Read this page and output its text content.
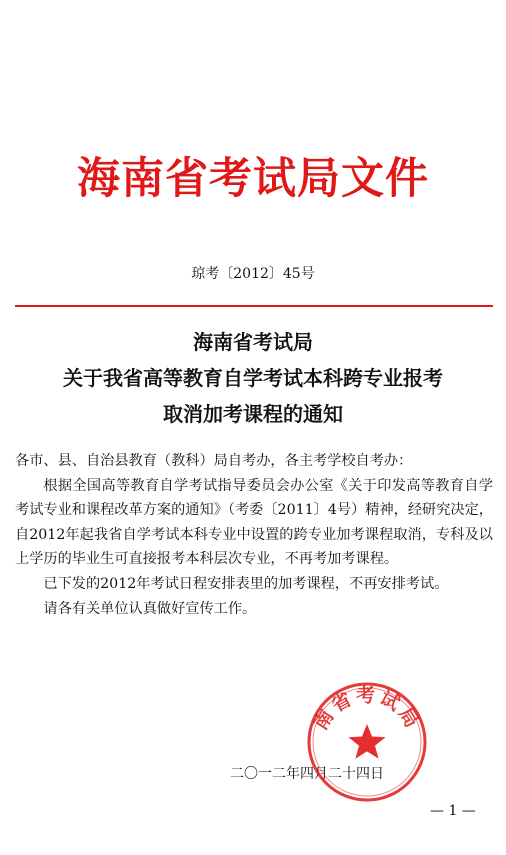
海南省考试局文件
琼考〔2012〕45号
海南省考试局
关于我省高等教育自学考试本科跨专业报考
取消加考课程的通知

各市、县、自治县教育（教科）局自考办，各主考学校自考办：

根据全国高等教育自学考试指导委员会办公室《关于印发高等教育自学考试专业和课程改革方案的通知》（考委〔2011〕4号）精神，经研究决定，自2012年起我省自学考试本科专业中设置的跨专业加考课程取消，专科及以上学历的毕业生可直接报考本科层次专业，不再考加考课程。

已下发的2012年考试日程安排表里的加考课程，不再安排考试。

请各有关单位认真做好宣传工作。

二〇一二年四月二十四日
南省考试局
— 1 —
